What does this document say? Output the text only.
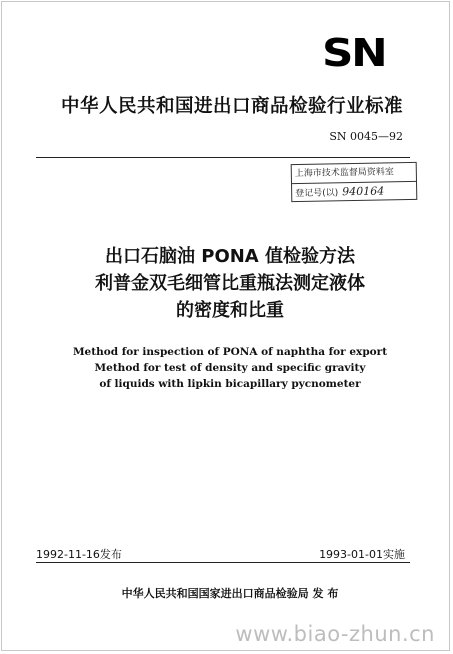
SN
中华人民共和国进出口商品检验行业标准
SN 0045—92
上海市技术监督局资料室
登记号(以) 940164
出口石脑油 PONA 值检验方法
利普金双毛细管比重瓶法测定液体
的密度和比重
Method for inspection of PONA of naphtha for export
Method for test of density and specific gravity
of liquids with lipkin bicapillary pycnometer
1992-11-16发布	1993-01-01实施
中华人民共和国国家进出口商品检验局 发 布
www.biao-zhun.cn
